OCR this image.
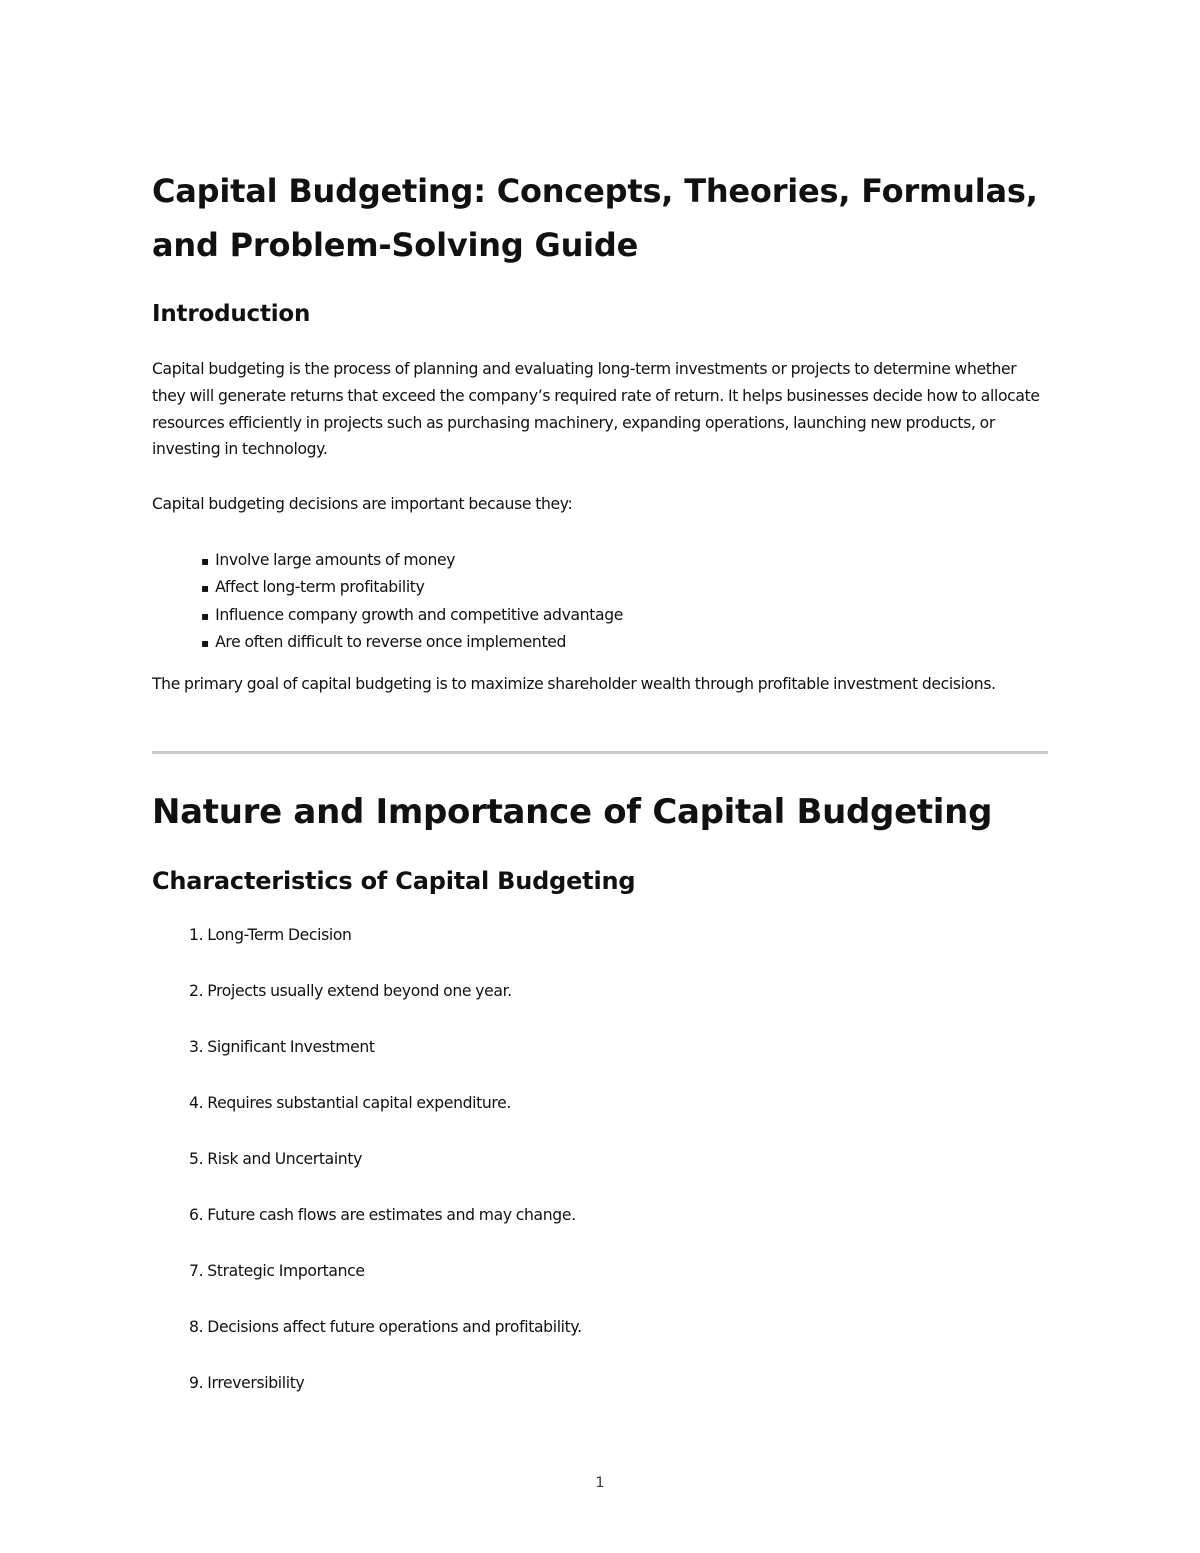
Capital Budgeting: Concepts, Theories, Formulas, and Problem-Solving Guide
Introduction

Capital budgeting is the process of planning and evaluating long-term investments or projects to determine whether they will generate returns that exceed the company’s required rate of return. It helps businesses decide how to allocate resources efficiently in projects such as purchasing machinery, expanding operations, launching new products, or investing in technology.

Capital budgeting decisions are important because they:

▪ Involve large amounts of money
▪ Affect long-term profitability
▪ Influence company growth and competitive advantage
▪ Are often difficult to reverse once implemented

The primary goal of capital budgeting is to maximize shareholder wealth through profitable investment decisions.

Nature and Importance of Capital Budgeting
Characteristics of Capital Budgeting
1. Long-Term Decision
2. Projects usually extend beyond one year.
3. Significant Investment
4. Requires substantial capital expenditure.
5. Risk and Uncertainty
6. Future cash flows are estimates and may change.
7. Strategic Importance
8. Decisions affect future operations and profitability.
9. Irreversibility
1
